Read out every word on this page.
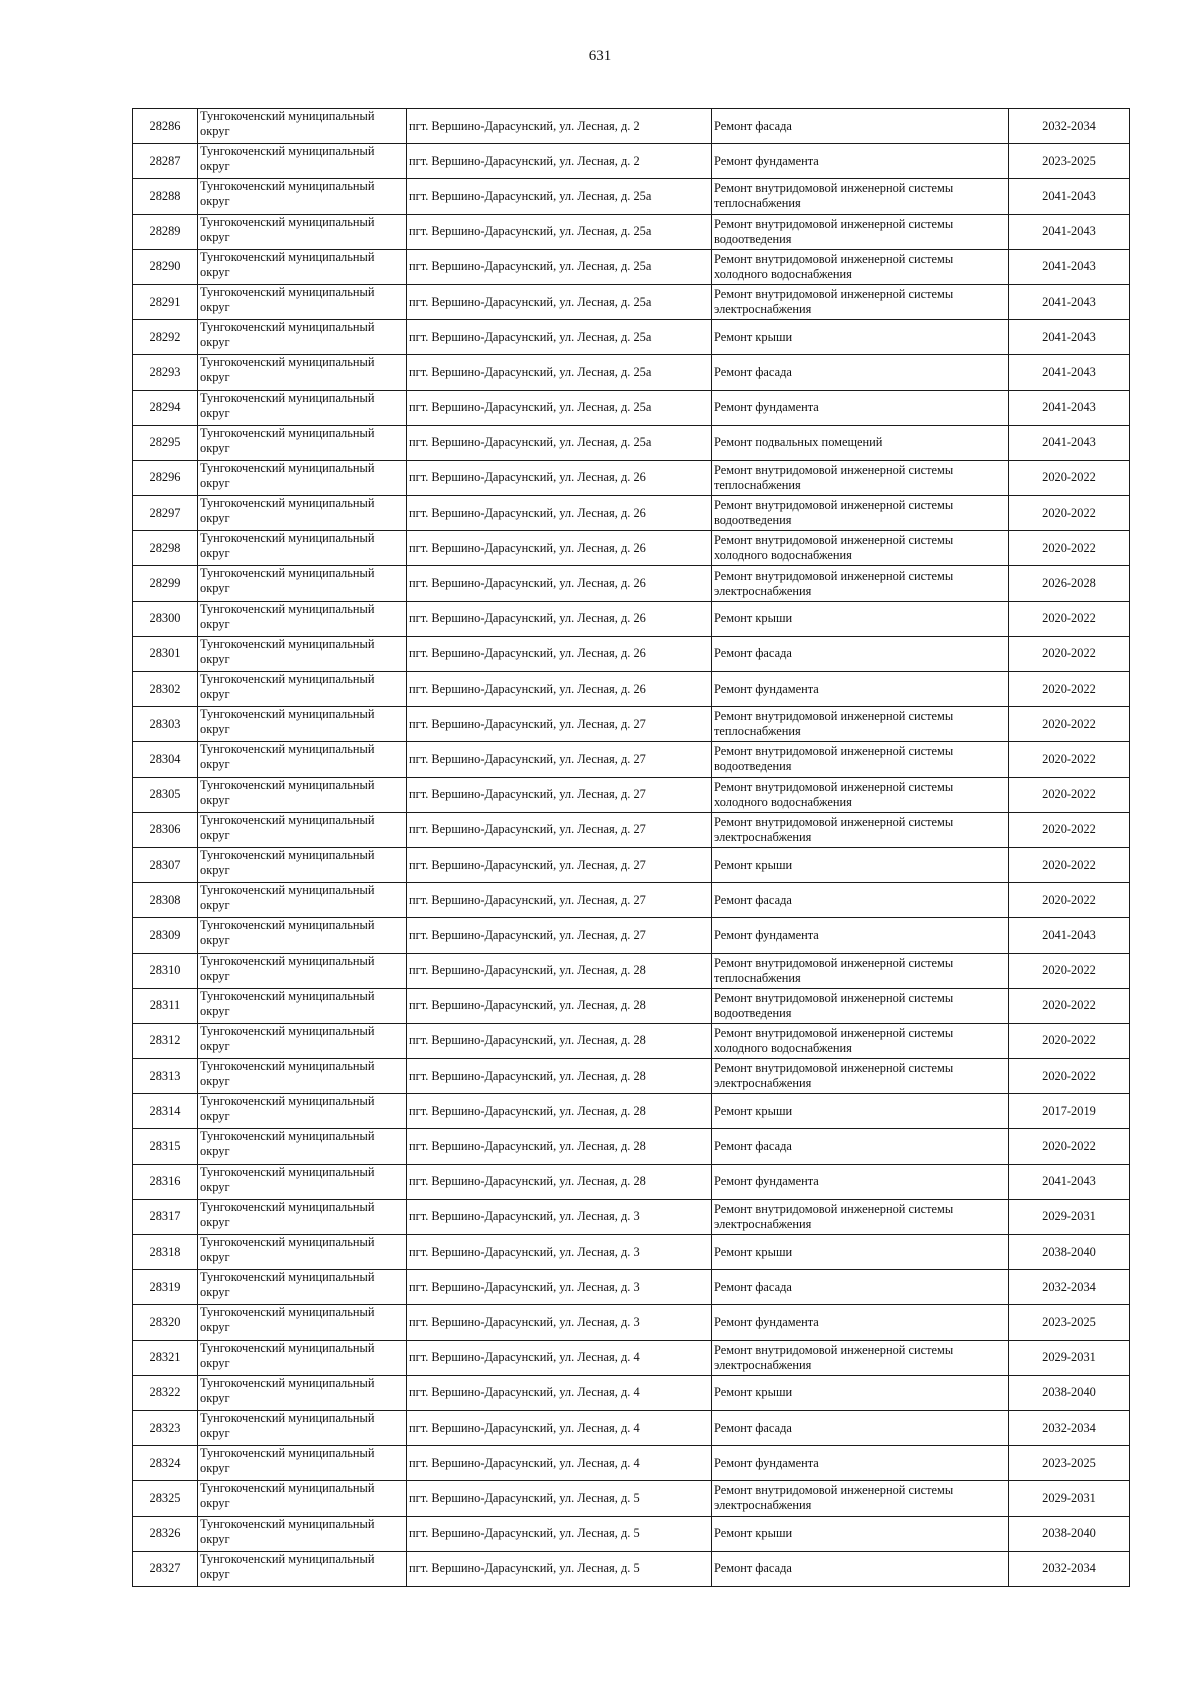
631
28286	Тунгокоченский муниципальный округ	пгт. Вершино-Дарасунский, ул. Лесная, д. 2	Ремонт фасада	2032-2034
28287	Тунгокоченский муниципальный округ	пгт. Вершино-Дарасунский, ул. Лесная, д. 2	Ремонт фундамента	2023-2025
28288	Тунгокоченский муниципальный округ	пгт. Вершино-Дарасунский, ул. Лесная, д. 25а	Ремонт внутридомовой инженерной системы теплоснабжения	2041-2043
28289	Тунгокоченский муниципальный округ	пгт. Вершино-Дарасунский, ул. Лесная, д. 25а	Ремонт внутридомовой инженерной системы водоотведения	2041-2043
28290	Тунгокоченский муниципальный округ	пгт. Вершино-Дарасунский, ул. Лесная, д. 25а	Ремонт внутридомовой инженерной системы холодного водоснабжения	2041-2043
28291	Тунгокоченский муниципальный округ	пгт. Вершино-Дарасунский, ул. Лесная, д. 25а	Ремонт внутридомовой инженерной системы электроснабжения	2041-2043
28292	Тунгокоченский муниципальный округ	пгт. Вершино-Дарасунский, ул. Лесная, д. 25а	Ремонт крыши	2041-2043
28293	Тунгокоченский муниципальный округ	пгт. Вершино-Дарасунский, ул. Лесная, д. 25а	Ремонт фасада	2041-2043
28294	Тунгокоченский муниципальный округ	пгт. Вершино-Дарасунский, ул. Лесная, д. 25а	Ремонт фундамента	2041-2043
28295	Тунгокоченский муниципальный округ	пгт. Вершино-Дарасунский, ул. Лесная, д. 25а	Ремонт подвальных помещений	2041-2043
28296	Тунгокоченский муниципальный округ	пгт. Вершино-Дарасунский, ул. Лесная, д. 26	Ремонт внутридомовой инженерной системы теплоснабжения	2020-2022
28297	Тунгокоченский муниципальный округ	пгт. Вершино-Дарасунский, ул. Лесная, д. 26	Ремонт внутридомовой инженерной системы водоотведения	2020-2022
28298	Тунгокоченский муниципальный округ	пгт. Вершино-Дарасунский, ул. Лесная, д. 26	Ремонт внутридомовой инженерной системы холодного водоснабжения	2020-2022
28299	Тунгокоченский муниципальный округ	пгт. Вершино-Дарасунский, ул. Лесная, д. 26	Ремонт внутридомовой инженерной системы электроснабжения	2026-2028
28300	Тунгокоченский муниципальный округ	пгт. Вершино-Дарасунский, ул. Лесная, д. 26	Ремонт крыши	2020-2022
28301	Тунгокоченский муниципальный округ	пгт. Вершино-Дарасунский, ул. Лесная, д. 26	Ремонт фасада	2020-2022
28302	Тунгокоченский муниципальный округ	пгт. Вершино-Дарасунский, ул. Лесная, д. 26	Ремонт фундамента	2020-2022
28303	Тунгокоченский муниципальный округ	пгт. Вершино-Дарасунский, ул. Лесная, д. 27	Ремонт внутридомовой инженерной системы теплоснабжения	2020-2022
28304	Тунгокоченский муниципальный округ	пгт. Вершино-Дарасунский, ул. Лесная, д. 27	Ремонт внутридомовой инженерной системы водоотведения	2020-2022
28305	Тунгокоченский муниципальный округ	пгт. Вершино-Дарасунский, ул. Лесная, д. 27	Ремонт внутридомовой инженерной системы холодного водоснабжения	2020-2022
28306	Тунгокоченский муниципальный округ	пгт. Вершино-Дарасунский, ул. Лесная, д. 27	Ремонт внутридомовой инженерной системы электроснабжения	2020-2022
28307	Тунгокоченский муниципальный округ	пгт. Вершино-Дарасунский, ул. Лесная, д. 27	Ремонт крыши	2020-2022
28308	Тунгокоченский муниципальный округ	пгт. Вершино-Дарасунский, ул. Лесная, д. 27	Ремонт фасада	2020-2022
28309	Тунгокоченский муниципальный округ	пгт. Вершино-Дарасунский, ул. Лесная, д. 27	Ремонт фундамента	2041-2043
28310	Тунгокоченский муниципальный округ	пгт. Вершино-Дарасунский, ул. Лесная, д. 28	Ремонт внутридомовой инженерной системы теплоснабжения	2020-2022
28311	Тунгокоченский муниципальный округ	пгт. Вершино-Дарасунский, ул. Лесная, д. 28	Ремонт внутридомовой инженерной системы водоотведения	2020-2022
28312	Тунгокоченский муниципальный округ	пгт. Вершино-Дарасунский, ул. Лесная, д. 28	Ремонт внутридомовой инженерной системы холодного водоснабжения	2020-2022
28313	Тунгокоченский муниципальный округ	пгт. Вершино-Дарасунский, ул. Лесная, д. 28	Ремонт внутридомовой инженерной системы электроснабжения	2020-2022
28314	Тунгокоченский муниципальный округ	пгт. Вершино-Дарасунский, ул. Лесная, д. 28	Ремонт крыши	2017-2019
28315	Тунгокоченский муниципальный округ	пгт. Вершино-Дарасунский, ул. Лесная, д. 28	Ремонт фасада	2020-2022
28316	Тунгокоченский муниципальный округ	пгт. Вершино-Дарасунский, ул. Лесная, д. 28	Ремонт фундамента	2041-2043
28317	Тунгокоченский муниципальный округ	пгт. Вершино-Дарасунский, ул. Лесная, д. 3	Ремонт внутридомовой инженерной системы электроснабжения	2029-2031
28318	Тунгокоченский муниципальный округ	пгт. Вершино-Дарасунский, ул. Лесная, д. 3	Ремонт крыши	2038-2040
28319	Тунгокоченский муниципальный округ	пгт. Вершино-Дарасунский, ул. Лесная, д. 3	Ремонт фасада	2032-2034
28320	Тунгокоченский муниципальный округ	пгт. Вершино-Дарасунский, ул. Лесная, д. 3	Ремонт фундамента	2023-2025
28321	Тунгокоченский муниципальный округ	пгт. Вершино-Дарасунский, ул. Лесная, д. 4	Ремонт внутридомовой инженерной системы электроснабжения	2029-2031
28322	Тунгокоченский муниципальный округ	пгт. Вершино-Дарасунский, ул. Лесная, д. 4	Ремонт крыши	2038-2040
28323	Тунгокоченский муниципальный округ	пгт. Вершино-Дарасунский, ул. Лесная, д. 4	Ремонт фасада	2032-2034
28324	Тунгокоченский муниципальный округ	пгт. Вершино-Дарасунский, ул. Лесная, д. 4	Ремонт фундамента	2023-2025
28325	Тунгокоченский муниципальный округ	пгт. Вершино-Дарасунский, ул. Лесная, д. 5	Ремонт внутридомовой инженерной системы электроснабжения	2029-2031
28326	Тунгокоченский муниципальный округ	пгт. Вершино-Дарасунский, ул. Лесная, д. 5	Ремонт крыши	2038-2040
28327	Тунгокоченский муниципальный округ	пгт. Вершино-Дарасунский, ул. Лесная, д. 5	Ремонт фасада	2032-2034
